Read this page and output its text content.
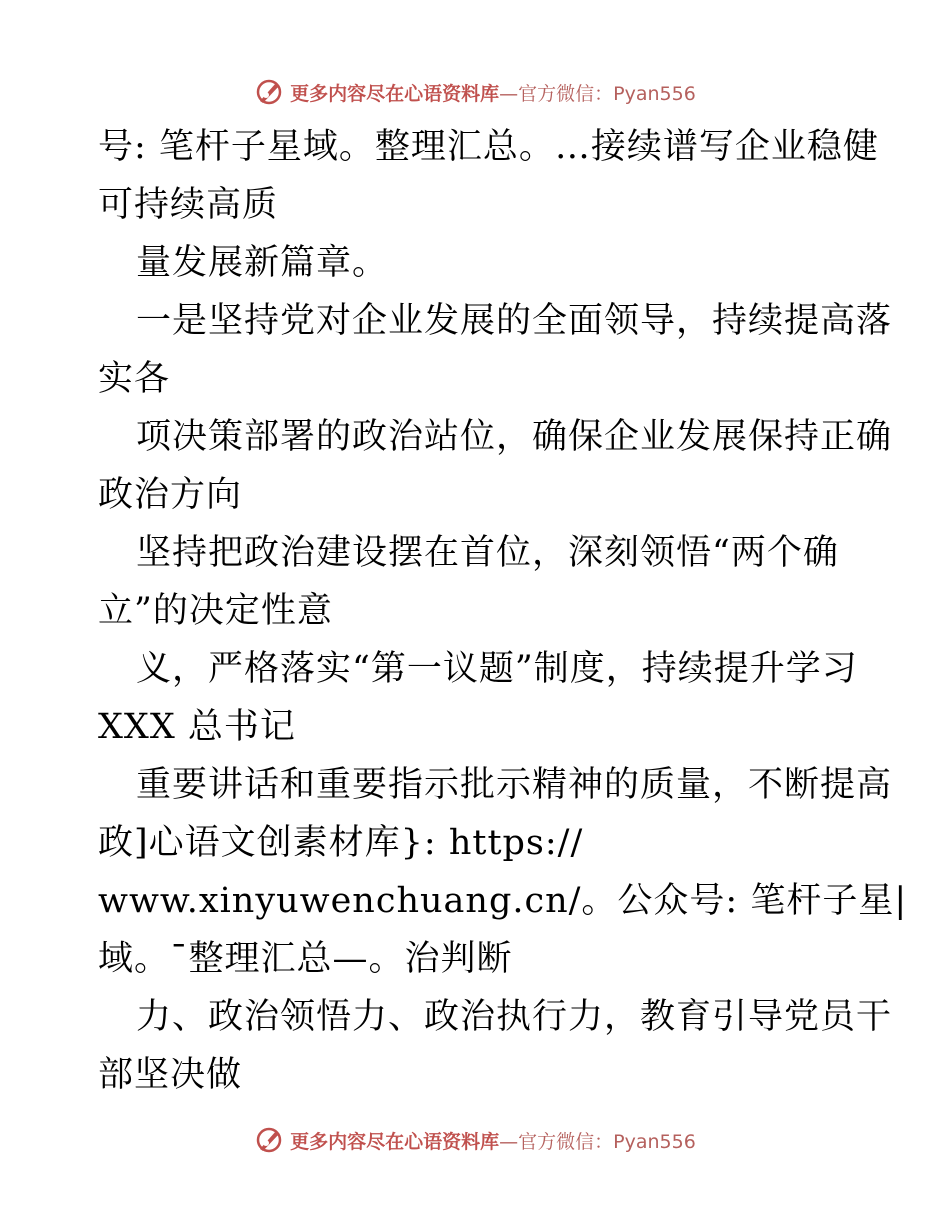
更多内容尽在心语资料库 —官方微信：Pyan556
号: 笔杆子星域。整理汇总。…接续谱写企业稳健
可持续高质
量发展新篇章。
一是坚持党对企业发展的全面领导，持续提高落
实各
项决策部署的政治站位，确保企业发展保持正确
政治方向
坚持把政治建设摆在首位，深刻领悟“两个确
立”的决定性意
义，严格落实“第一议题”制度，持续提升学习
XXX 总书记
重要讲话和重要指示批示精神的质量，不断提高
政]心语文创素材库}: https://
www.xinyuwenchuang.cn/。公众号: 笔杆子星|
域。¯整理汇总—。治判断
力、政治领悟力、政治执行力，教育引导党员干
部坚决做
更多内容尽在心语资料库 —官方微信：Pyan556
